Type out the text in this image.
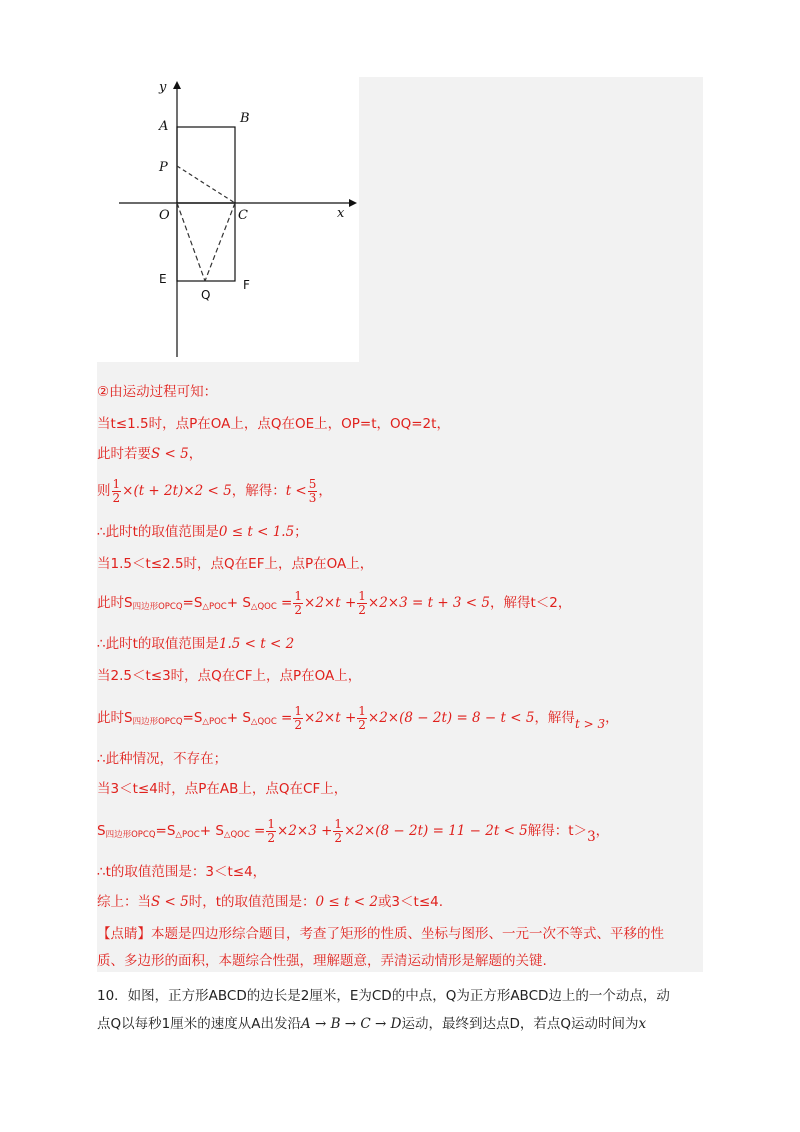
y
x
A
B
P
O	C
E
Q
F
②由运动过程可知：
当t≤1.5时，点P在OA上，点Q在OE上，OP=t，OQ=2t，
此时若要S < 5，
则 $\frac{1}{2} \times(t + 2t)\times 2 < 5$，解得：$t < \frac{5}{3}$ ，
∴此时t的取值范围是0 ≤ t < 1.5；
当1.5＜t≤2.5时，点Q在EF上，点P在OA上，
此时$S_{四边形OPCQ}=S_{\triangle POC}+ S_{\triangle QOC} = \frac{1}{2} \times 2\times t + \frac{1}{2} \times 2\times 3 = t + 3 < 5$，解得t＜2，
∴此时t的取值范围是1.5 < t < 2
当2.5＜t≤3时，点Q在CF上，点P在OA上，
此时$S_{四边形OPCQ}=S_{\triangle POC}+ S_{\triangle QOC} = \frac{1}{2} \times 2\times t + \frac{1}{2} \times 2\times(8 - 2t) = 8 - t < 5$，解得t > 3，
∴此种情况，不存在；
当3＜t≤4时，点P在AB上，点Q在CF上，
$S_{四边形OPCQ}=S_{\triangle POC}+ S_{\triangle QOC} = \frac{1}{2} \times 2\times 3 + \frac{1}{2} \times 2\times(8 - 2t) = 11 - 2t < 5$解得：t＞3，
∴t的取值范围是：3＜t≤4，
综上：当S < 5时，t的取值范围是：0 ≤ t < 2或3＜t≤4.
【点睛】本题是四边形综合题目，考查了矩形的性质、坐标与图形、一元一次不等式、平移的性
质、多边形的面积，本题综合性强，理解题意，弄清运动情形是解题的关键.
10．如图，正方形ABCD的边长是2厘米，E为CD的中点，Q为正方形ABCD边上的一个动点，动
点Q以每秒1厘米的速度从A出发沿A → B → C → D运动，最终到达点D，若点Q运动时间为x
